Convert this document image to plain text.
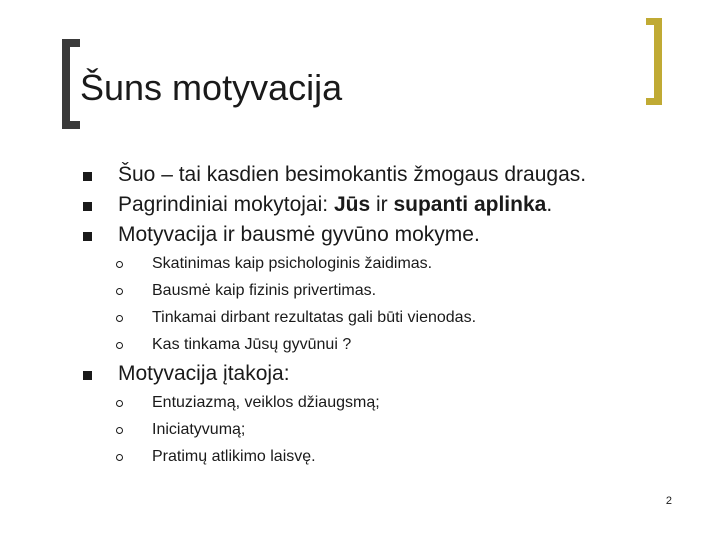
Šuns motyvacija
Šuo – tai kasdien besimokantis žmogaus draugas.
Pagrindiniai mokytojai: Jūs ir supanti aplinka.
Motyvacija ir bausmė gyvūno mokyme.
Skatinimas kaip psichologinis žaidimas.
Bausmė kaip fizinis privertimas.
Tinkamai dirbant rezultatas gali būti vienodas.
Kas tinkama Jūsų gyvūnui ?
Motyvacija įtakoja:
Entuziazmą, veiklos džiaugsmą;
Iniciatyvumą;
Pratimų atlikimo laisvę.
2
